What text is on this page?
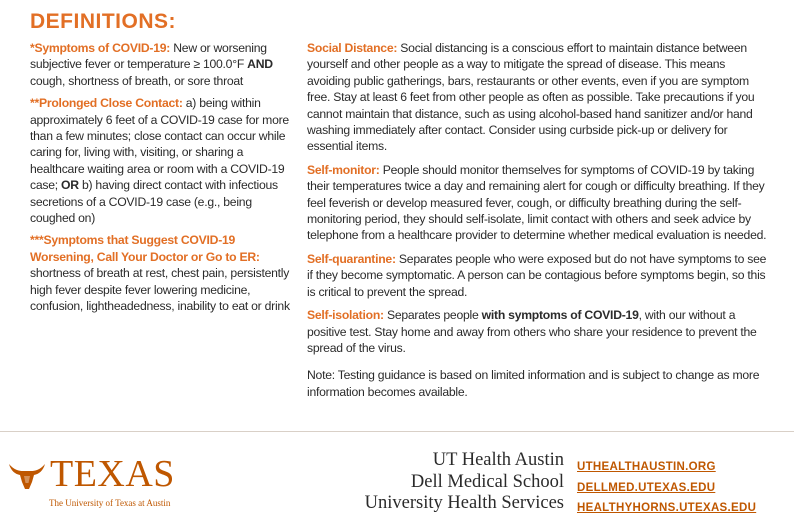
DEFINITIONS:

*Symptoms of COVID-19: New or worsening subjective fever or temperature ≥ 100.0°F AND cough, shortness of breath, or sore throat

**Prolonged Close Contact: a) being within approximately 6 feet of a COVID-19 case for more than a few minutes; close contact can occur while caring for, living with, visiting, or sharing a healthcare waiting area or room with a COVID-19 case; OR b) having direct contact with infectious secretions of a COVID-19 case (e.g., being coughed on)

***Symptoms that Suggest COVID-19 Worsening, Call Your Doctor or Go to ER: shortness of breath at rest, chest pain, persistently high fever despite fever lowering medicine, confusion, lightheadedness, inability to eat or drink

Social Distance: Social distancing is a conscious effort to maintain distance between yourself and other people as a way to mitigate the spread of disease. This means avoiding public gatherings, bars, restaurants or other events, even if you are symptom free. Stay at least 6 feet from other people as often as possible. Take precautions if you cannot maintain that distance, such as using alcohol-based hand sanitizer and/or hand washing immediately after contact. Consider using curbside pick-up or delivery for essential items.

Self-monitor: People should monitor themselves for symptoms of COVID-19 by taking their temperatures twice a day and remaining alert for cough or difficulty breathing. If they feel feverish or develop measured fever, cough, or difficulty breathing during the self-monitoring period, they should self-isolate, limit contact with others and seek advice by telephone from a healthcare provider to determine whether medical evaluation is needed.

Self-quarantine: Separates people who were exposed but do not have symptoms to see if they become symptomatic. A person can be contagious before symptoms begin, so this is critical to prevent the spread.

Self-isolation: Separates people with symptoms of COVID-19, with our without a positive test. Stay home and away from others who share your residence to prevent the spread of the virus.

Note: Testing guidance is based on limited information and is subject to change as more information becomes available.

TEXAS
The University of Texas at Austin
UT Health Austin
Dell Medical School
University Health Services
UTHEALTHAUSTIN.ORG
DELLMED.UTEXAS.EDU
HEALTHYHORNS.UTEXAS.EDU
